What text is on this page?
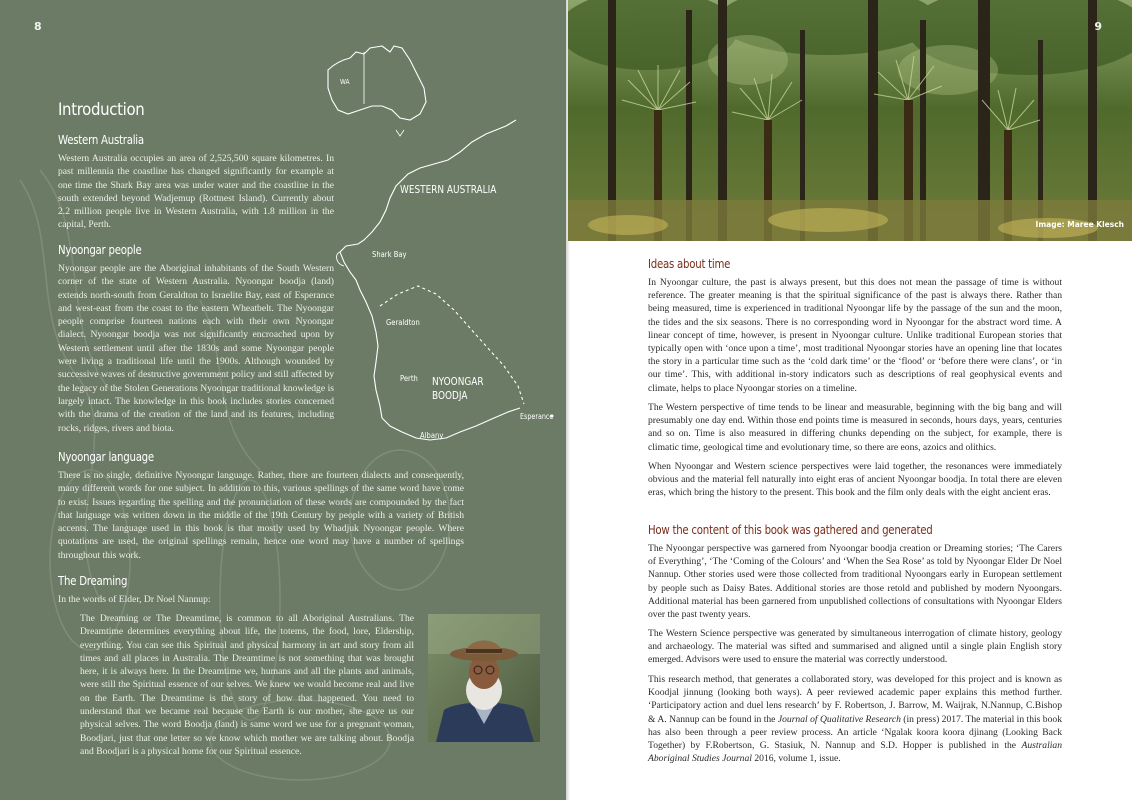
8
Introduction
Western Australia

Western Australia occupies an area of 2,525,500 square kilometres. In past millennia the coastline has changed significantly for example at one time the Shark Bay area was under water and the coastline in the south extended beyond Wadjemup (Rottnest Island). Currently about 2.2 million people live in Western Australia, with 1.8 million in the capital, Perth.

Nyoongar people

Nyoongar people are the Aboriginal inhabitants of the South Western corner of the state of Western Australia. Nyoongar boodja (land) extends north-south from Geraldton to Israelite Bay, east of Esperance and west-east from the coast to the eastern Wheatbelt. The Nyoongar people comprise fourteen nations each with their own Nyoongar dialect. Nyoongar boodja was not significantly encroached upon by Western settlement until after the 1830s and some Nyoongar people were living a traditional life until the 1900s. Although wounded by successive waves of destructive government policy and still affected by the legacy of the Stolen Generations Nyoongar traditional knowledge is largely intact. The knowledge in this book includes stories concerned with the drama of the creation of the land and its features, including rocks, ridges, rivers and biota.

Nyoongar language

There is no single, definitive Nyoongar language. Rather, there are fourteen dialects and consequently, many different words for one subject. In addition to this, various spellings of the same word have come to exist. Issues regarding the spelling and the pronunciation of these words are compounded by the fact that language was written down in the middle of the 19th Century by people with a variety of British accents. The language used in this book is that mostly used by Whadjuk Nyoongar people. Where quotations are used, the original spellings remain, hence one word may have a number of spellings throughout this work.

The Dreaming

In the words of Elder, Dr Noel Nannup:

The Dreaming or The Dreamtime, is common to all Aboriginal Australians. The Dreamtime determines everything about life, the totems, the food, lore, Eldership, everything. You can see this Spiritual and physical harmony in art and story from all times and all places in Australia. The Dreamtime is not something that was brought here, it is always here. In the Dreamtime we, humans and all the plants and animals, were still the Spiritual essence of our selves. We knew we would become real and live on the Earth. The Dreamtime is the story of how that happened. You need to understand that we became real because the Earth is our mother, she gave us our physical selves. The word Boodja (land) is same word we use for a pregnant woman, Boodjari, just that one letter so we know which mother we are talking about. Boodja and Boodjari is a physical home for our Spiritual essence.

WA
WESTERN AUSTRALIA
Shark Bay
Geraldton
Perth NYOONGAR
BOODJA
Esperance
Albany
9
Image: Maree Klesch
Ideas about time

In Nyoongar culture, the past is always present, but this does not mean the passage of time is without reference. The greater meaning is that the spiritual significance of the past is always there. Rather than being measured, time is experienced in traditional Nyoongar life by the passage of the sun and the moon, the tides and the six seasons. There is no corresponding word in Nyoongar for the abstract word time. A linear concept of time, however, is present in Nyoongar culture. Unlike traditional European stories that typically open with ‘once upon a time’, most traditional Nyoongar stories have an opening line that locates the story in a particular time such as the ‘cold dark time’ or the ‘flood’ or ‘before there were clans’, or ‘in our time’. This, with additional in-story indicators such as descriptions of real geophysical events and climate, helps to place Nyoongar stories on a timeline.

The Western perspective of time tends to be linear and measurable, beginning with the big bang and will presumably one day end. Within those end points time is measured in seconds, hours days, years, centuries and so on. Time is also measured in differing chunks depending on the subject, for example, there is climatic time, geological time and evolutionary time, so there are eons, azoics and olithics.

When Nyoongar and Western science perspectives were laid together, the resonances were immediately obvious and the material fell naturally into eight eras of ancient Nyoongar boodja. In total there are eleven eras, which bring the history to the present. This book and the film only deals with the eight ancient eras.

How the content of this book was gathered and generated

The Nyoongar perspective was garnered from Nyoongar boodja creation or Dreaming stories; ‘The Carers of Everything’, ‘The ‘Coming of the Colours’ and ‘When the Sea Rose’ as told by Nyoongar Elder Dr Noel Nannup. Other stories used were those collected from traditional Nyoongars early in European settlement by people such as Daisy Bates. Additional stories are those retold and published by modern Nyoongars. Additional material has been garnered from unpublished collections of consultations with Nyoongar Elders over the past twenty years.

The Western Science perspective was generated by simultaneous interrogation of climate history, geology and archaeology. The material was sifted and summarised and aligned until a single plain English story emerged. Advisors were used to ensure the material was correctly understood.

This research method, that generates a collaborated story, was developed for this project and is known as Koodjal jinnung (looking both ways). A peer reviewed academic paper explains this method further. ‘Participatory action and duel lens research’ by F. Robertson, J. Barrow, M. Waijrak, N.Nannup, C.Bishop & A. Nannup can be found in the Journal of Qualitative Research (in press) 2017. The material in this book has also been through a peer review process. An article ‘Ngalak koora koora djinang (Looking Back Together) by F.Robertson, G. Stasiuk, N. Nannup and S.D. Hopper is published in the Australian Aboriginal Studies Journal 2016, volume 1, issue.
